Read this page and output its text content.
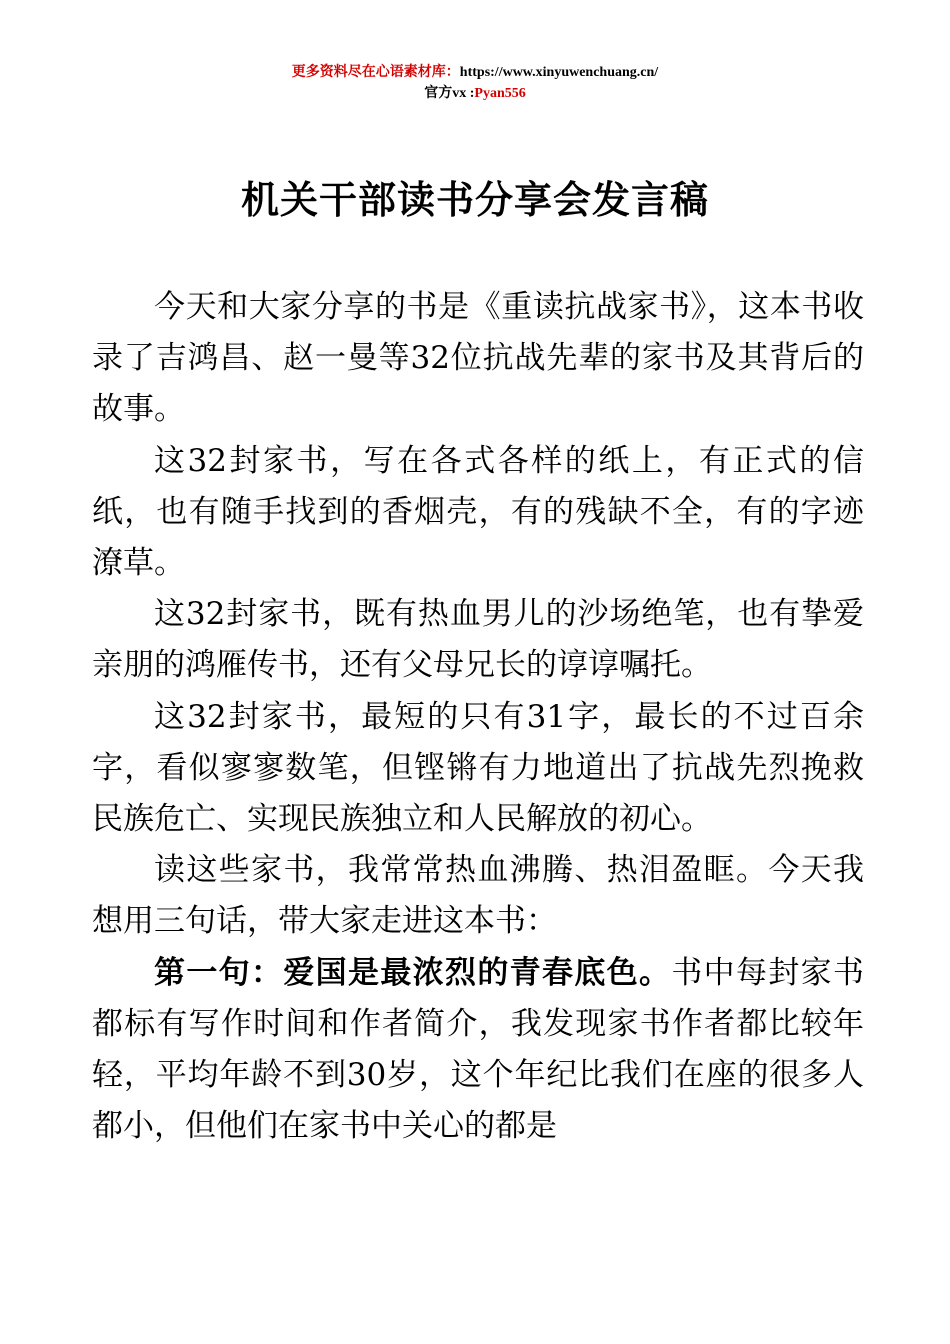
更多资料尽在心语素材库：https://www.xinyuwenchuang.cn/
官方vx :Pyan556
机关干部读书分享会发言稿

今天和大家分享的书是《重读抗战家书》，这本书收录了吉鸿昌、赵一曼等32位抗战先辈的家书及其背后的故事。

这32封家书，写在各式各样的纸上，有正式的信纸，也有随手找到的香烟壳，有的残缺不全，有的字迹潦草。

这32封家书，既有热血男儿的沙场绝笔，也有挚爱亲朋的鸿雁传书，还有父母兄长的谆谆嘱托。

这32封家书，最短的只有31字，最长的不过百余字，看似寥寥数笔，但铿锵有力地道出了抗战先烈挽救民族危亡、实现民族独立和人民解放的初心。

读这些家书，我常常热血沸腾、热泪盈眶。今天我想用三句话，带大家走进这本书：

第一句：爱国是最浓烈的青春底色。书中每封家书都标有写作时间和作者简介，我发现家书作者都比较年轻，平均年龄不到30岁，这个年纪比我们在座的很多人都小，但他们在家书中关心的都是
